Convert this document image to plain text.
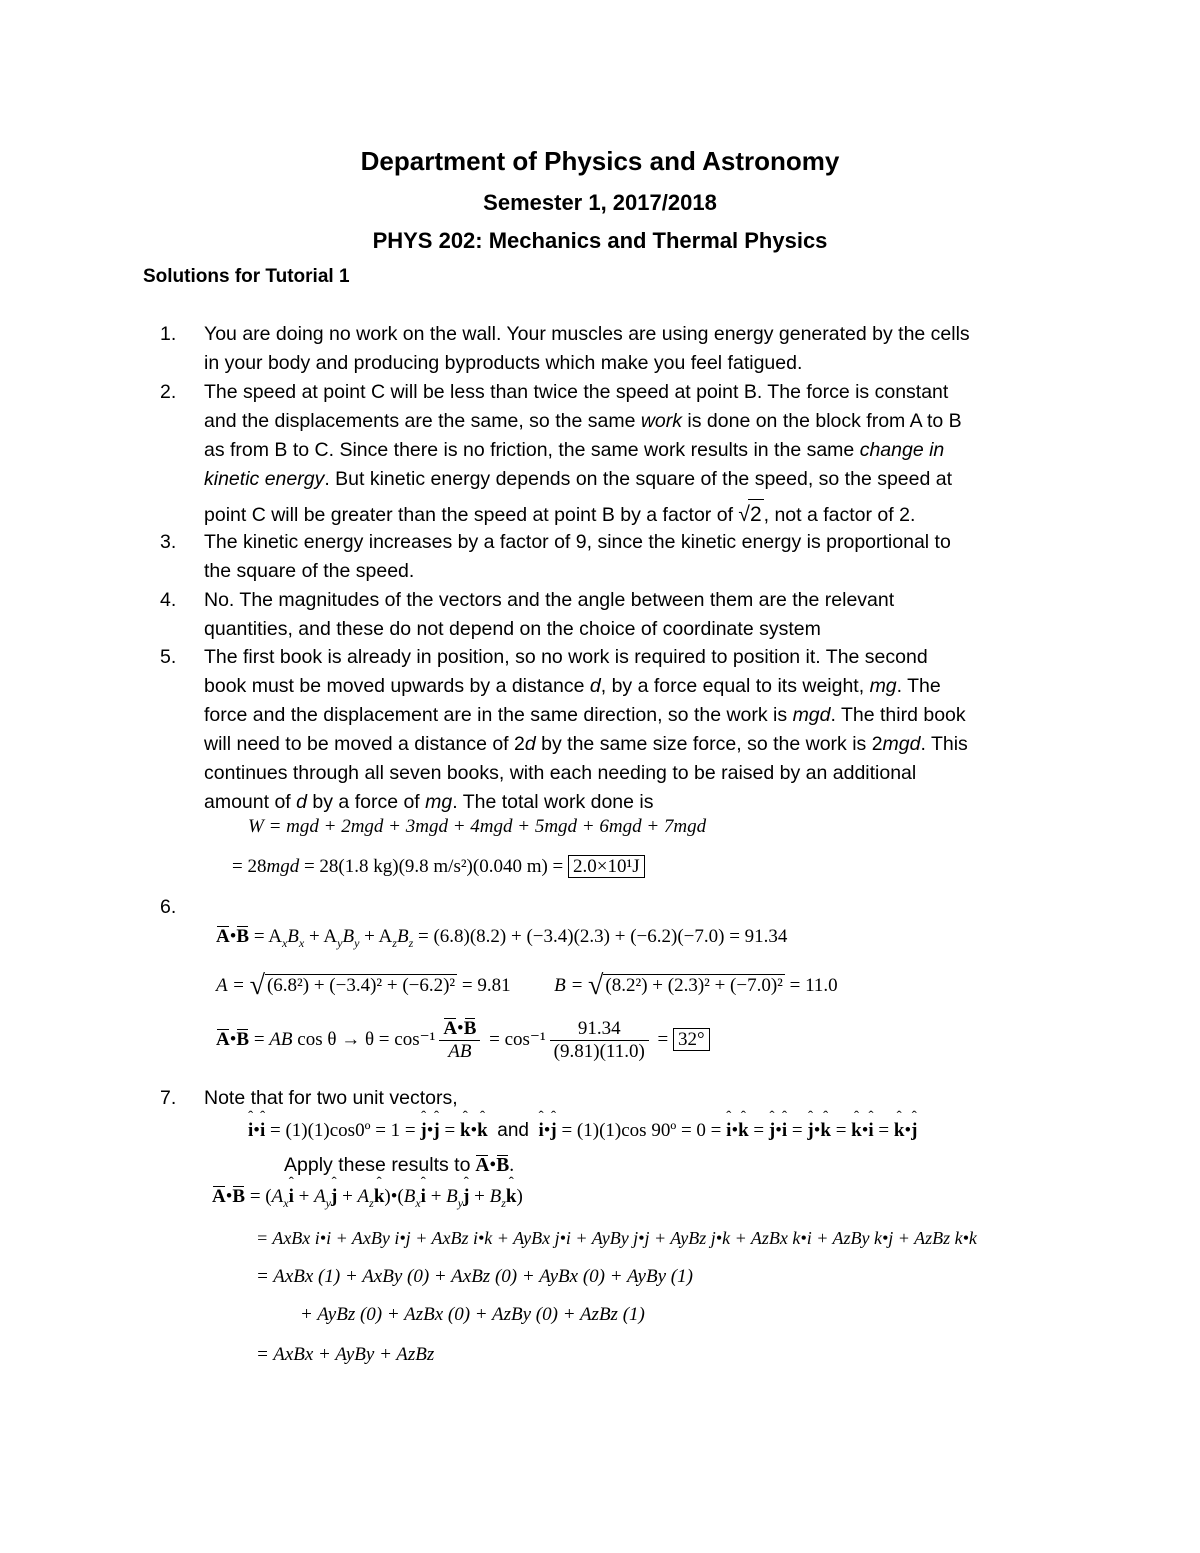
Department of Physics and Astronomy
Semester 1, 2017/2018
PHYS 202: Mechanics and Thermal Physics
Solutions for Tutorial 1
1.	You are doing no work on the wall. Your muscles are using energy generated by the cells
in your body and producing byproducts which make you feel fatigued.
2.	The speed at point C will be less than twice the speed at point B. The force is constant
and the displacements are the same, so the same work is done on the block from A to B
as from B to C. Since there is no friction, the same work results in the same change in
kinetic energy. But kinetic energy depends on the square of the speed, so the speed at
point C will be greater than the speed at point B by a factor of √2 , not a factor of 2.
3.	The kinetic energy increases by a factor of 9, since the kinetic energy is proportional to
the square of the speed.
4.	No. The magnitudes of the vectors and the angle between them are the relevant
quantities, and these do not depend on the choice of coordinate system
5.	The first book is already in position, so no work is required to position it. The second
book must be moved upwards by a distance d, by a force equal to its weight, mg. The
force and the displacement are in the same direction, so the work is mgd. The third book
will need to be moved a distance of 2d by the same size force, so the work is 2mgd. This
continues through all seven books, with each needing to be raised by an additional
amount of d by a force of mg. The total work done is
W = mgd + 2mgd + 3mgd + 4mgd + 5mgd + 6mgd + 7mgd
= 28mgd = 28(1.8 kg)(9.8 m/s²)(0.040 m) = 2.0×10¹J
6.
A•B = $A_xB_x + A_yB_y + A_zB_z = (6.8)(8.2) + (-3.4)(2.3) + (-6.2)(-7.0) = 91.34$
A = √ (6.8²) + (−3.4)² + (−6.2)² = 9.81 B = √ (8.2²) + (2.3)² + (−7.0)² = 11.0
A•B = AB $\cos \theta \to \theta = \cos^{-1} \frac{A•B}{AB} = \cos^{-1} \frac{91.34}{(9.81)(11.0)} = 32^\circ$
7.	Note that for two unit vectors,
ˆ i•ˆ i = (1)(1)cos0º = 1 = ˆ j•ˆ j = ˆ k•ˆ k and ˆ i•ˆ j = (1)(1)cos 90º = 0 = ˆ i•ˆ k = ˆ j•ˆ i = ˆ j•ˆ k = ˆ k•ˆ i = ˆ k•ˆ j
Apply these results to A•B.
A•B = ($A_xˆ$ $i + A_yˆ$ $j + A_zˆ$ $k)•(B_xˆ$ $i + B_yˆ$ $j + B_zˆ$ k)
= AxBx i•i + AxBy i•j + AxBz i•k + AyBx j•i + AyBy j•j + AyBz j•k + AzBx k•i + AzBy k•j + AzBz k•k
= AxBx (1) + AxBy (0) + AxBz (0) + AyBx (0) + AyBy (1)
+ AyBz (0) + AzBx (0) + AzBy (0) + AzBz (1)
= AxBx + AyBy + AzBz
